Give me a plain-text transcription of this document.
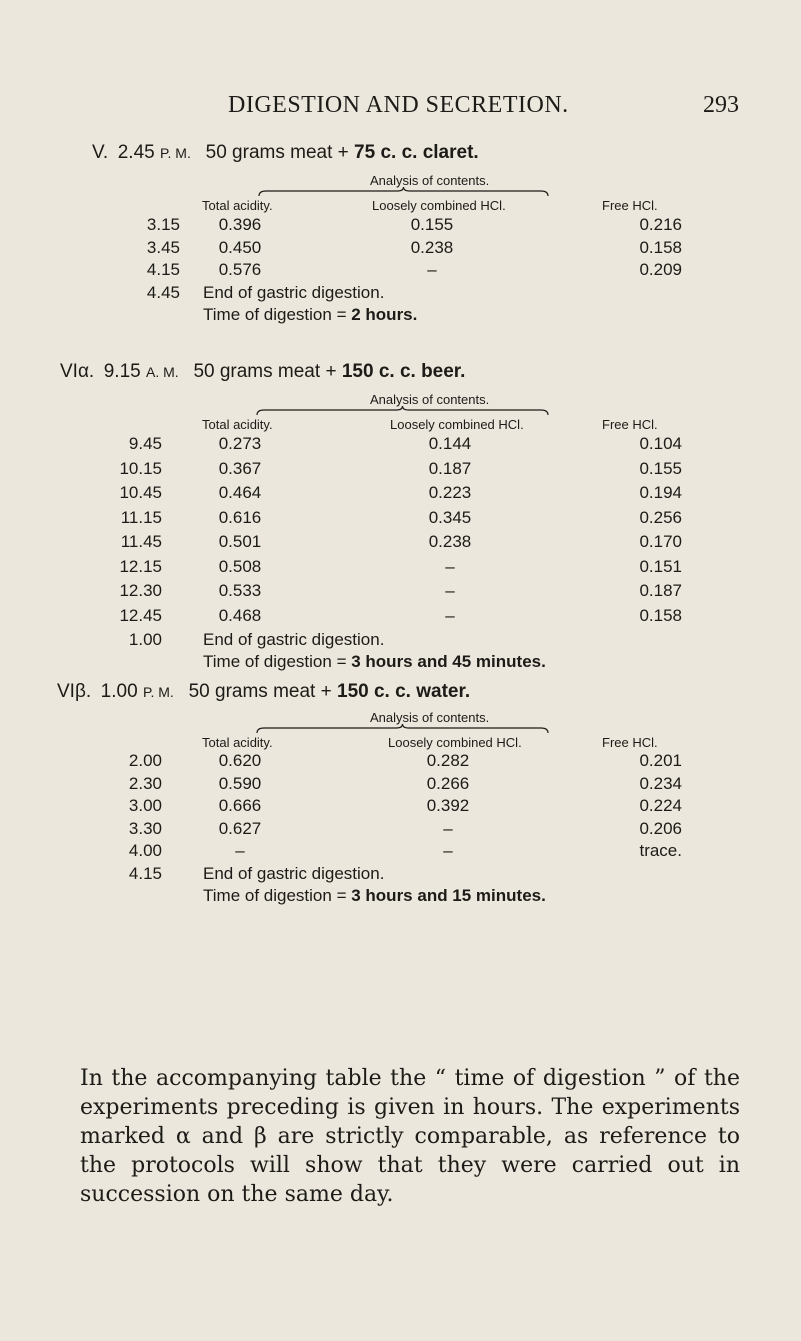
DIGESTION AND SECRETION.	293
V.  2.45 P. M.  50 grams meat + 75 c. c. claret.
Analysis of contents.
Total acidity.	Loosely combined HCl.	Free HCl.
3.15	0.396	0.155	0.216
3.45	0.450	0.238	0.158
4.15	0.576	–	0.209
4.45 End of gastric digestion.
Time of digestion = 2 hours.
VIα.  9.15 A. M.  50 grams meat + 150 c. c. beer.
Analysis of contents.
Total acidity.	Loosely combined HCl.	Free HCl.
9.45	0.273	0.144	0.104
10.15	0.367	0.187	0.155
10.45	0.464	0.223	0.194
11.15	0.616	0.345	0.256
11.45	0.501	0.238	0.170
12.15	0.508	–	0.151
12.30	0.533	–	0.187
12.45	0.468	–	0.158
1.00 End of gastric digestion.
Time of digestion = 3 hours and 45 minutes.
VIβ.  1.00 P. M.  50 grams meat + 150 c. c. water.
Analysis of contents.
Total acidity.	Loosely combined HCl.	Free HCl.
2.00	0.620	0.282	0.201
2.30	0.590	0.266	0.234
3.00	0.666	0.392	0.224
3.30	0.627	–	0.206
4.00	–	–	trace.
4.15 End of gastric digestion.
Time of digestion = 3 hours and 15 minutes.
In the accompanying table the “ time of digestion ” of the experiments preceding is given in hours. The experiments marked α and β are strictly comparable, as reference to the protocols will show that they were carried out in succession on the same day.
